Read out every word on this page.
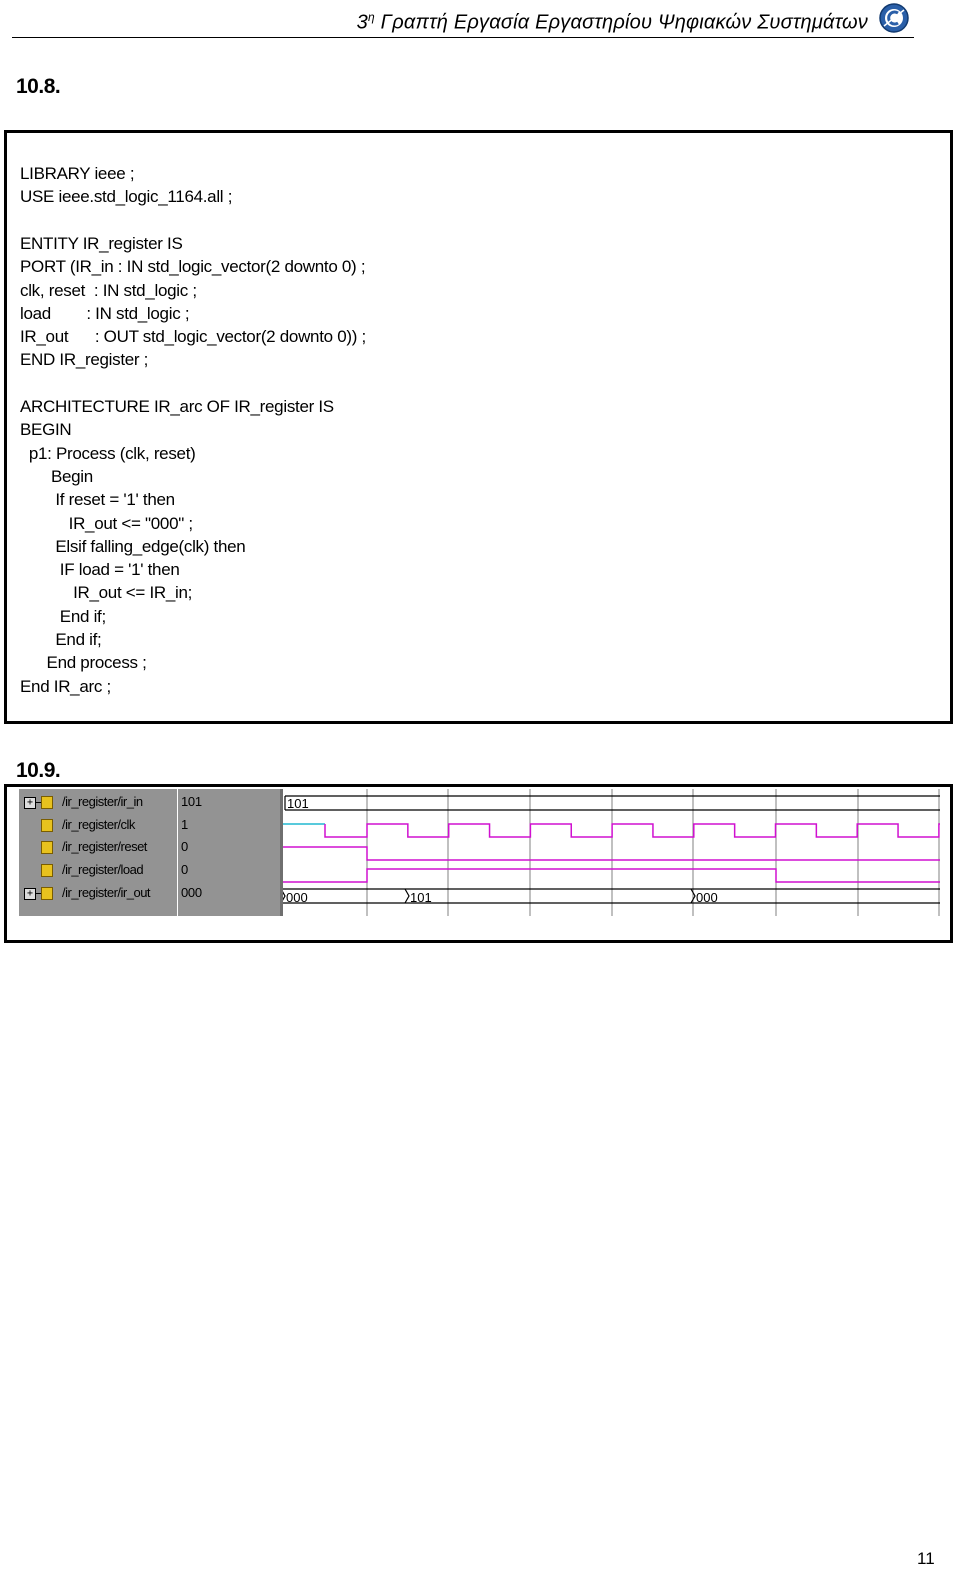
$3^\eta$ Γραπτή Εργασία Εργαστηρίου Ψηφιακών Συστημάτων
10.8.
LIBRARY ieee ;
USE ieee.std_logic_1164.all ;
ENTITY IR_register IS
PORT (IR_in : IN std_logic_vector(2 downto 0) ;
clk, reset  : IN std_logic ;
load        : IN std_logic ;
IR_out      : OUT std_logic_vector(2 downto 0)) ;
END IR_register ;
ARCHITECTURE IR_arc OF IR_register IS
BEGIN
p1: Process (clk, reset)
Begin
If reset = '1' then
IR_out <= "000" ;
Elsif falling_edge(clk) then
IF load = '1' then
IR_out <= IR_in;
End if;
End if;
End process ;
End IR_arc ;
10.9.
+ /ir_register/ir_in	101
/ir_register/clk	1
/ir_register/reset	0
/ir_register/load	0
+ /ir_register/ir_out 000
101
000	101	000
11
